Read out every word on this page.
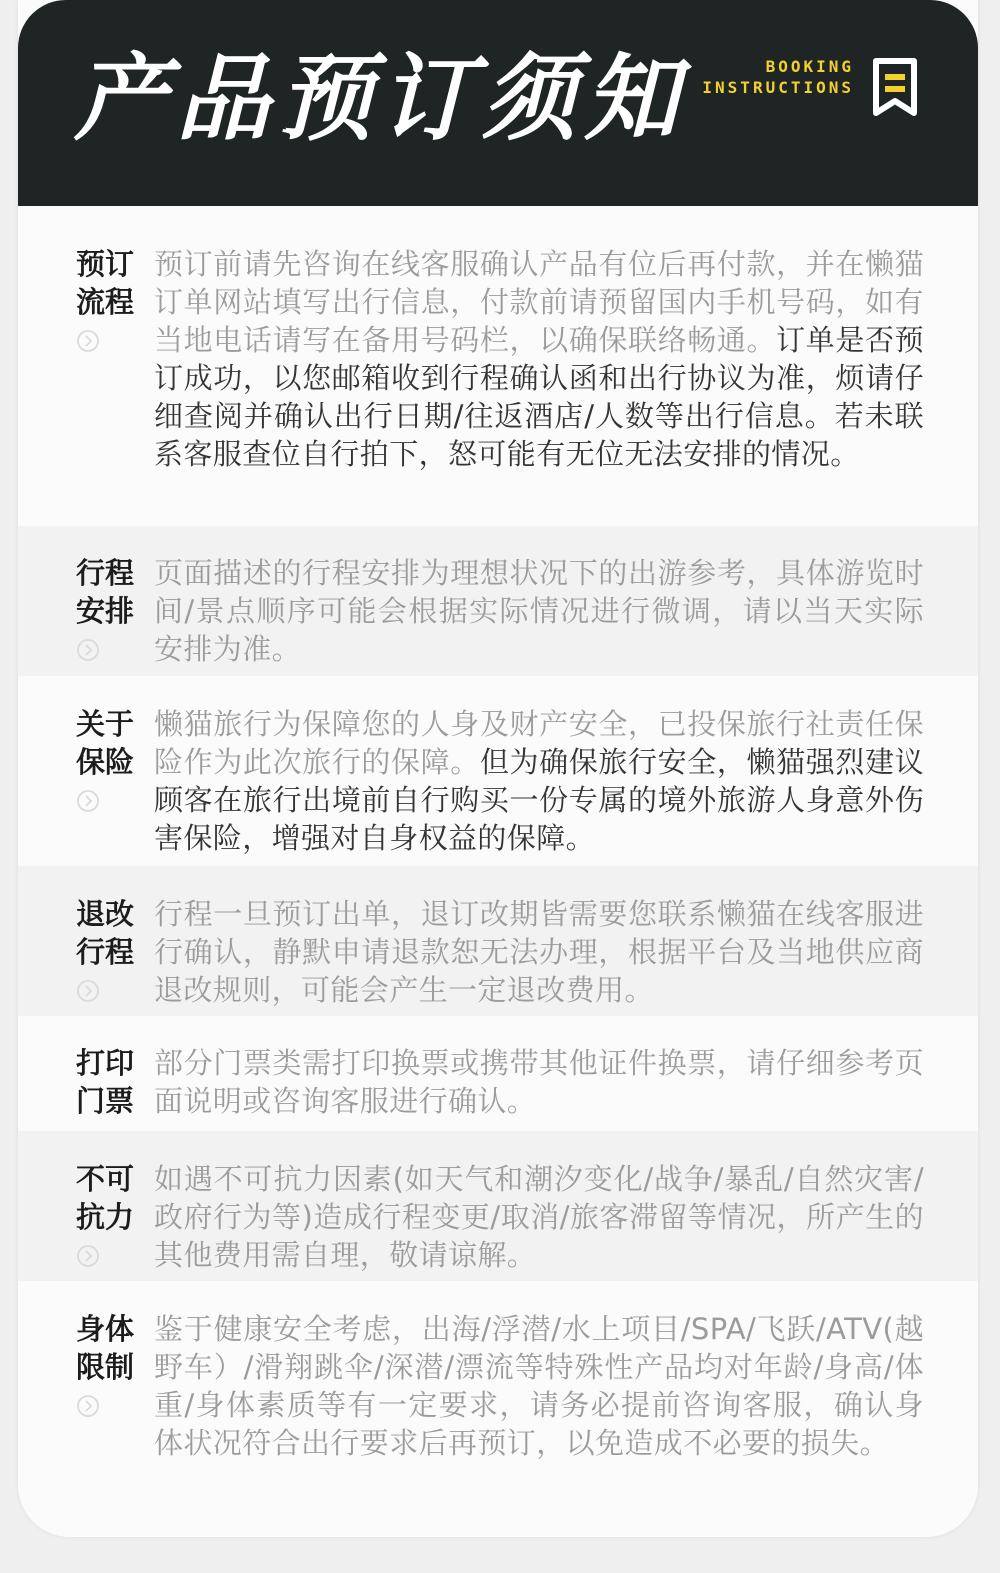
产品预订须知	BOOKING
INSTRUCTIONS
预订
流程
预订前请先咨询在线客服确认产品有位后再付款，并在懒猫订单网站填写出行信息，付款前请预留国内手机号码，如有当地电话请写在备用号码栏，以确保联络畅通。订单是否预订成功，以您邮箱收到行程确认函和出行协议为准，烦请仔细查阅并确认出行日期/往返酒店/人数等出行信息。若未联系客服查位自行拍下，怒可能有无位无法安排的情况。
行程
安排
页面描述的行程安排为理想状况下的出游参考，具体游览时间/景点顺序可能会根据实际情况进行微调，请以当天实际安排为准。
关于
保险
懒猫旅行为保障您的人身及财产安全，已投保旅行社责任保险作为此次旅行的保障。但为确保旅行安全，懒猫强烈建议顾客在旅行出境前自行购买一份专属的境外旅游人身意外伤害保险，增强对自身权益的保障。
退改
行程
行程一旦预订出单，退订改期皆需要您联系懒猫在线客服进行确认，静默申请退款恕无法办理，根据平台及当地供应商退改规则，可能会产生一定退改费用。
打印
门票
部分门票类需打印换票或携带其他证件换票，请仔细参考页面说明或咨询客服进行确认。
不可
抗力
如遇不可抗力因素(如天气和潮汐变化/战争/暴乱/自然灾害/政府行为等)造成行程变更/取消/旅客滞留等情况，所产生的其他费用需自理，敬请谅解。
身体
限制
鉴于健康安全考虑，出海/浮潜/水上项目/SPA/飞跃/ATV(越野车）/滑翔跳伞/深潜/漂流等特殊性产品均对年龄/身高/体重/身体素质等有一定要求，请务必提前咨询客服，确认身体状况符合出行要求后再预订，以免造成不必要的损失。
